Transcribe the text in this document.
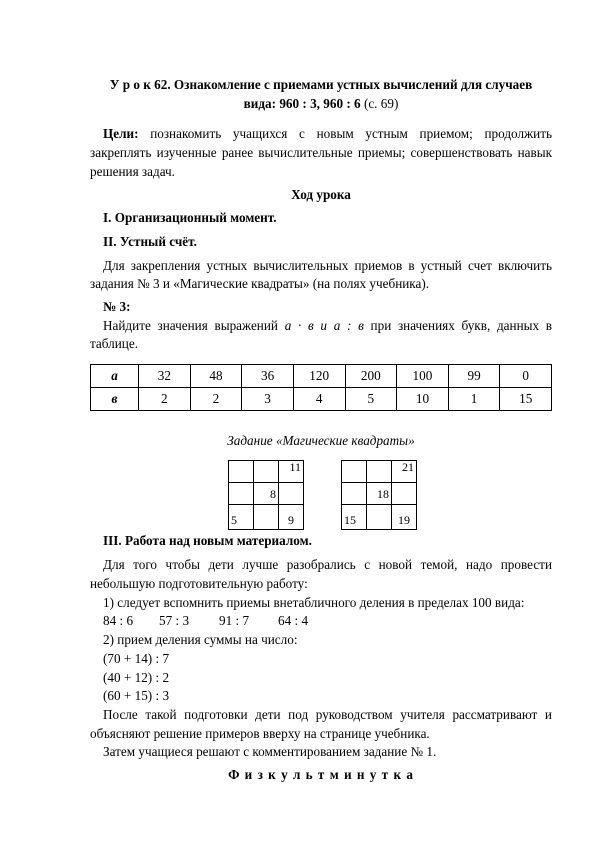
У р о к 62. Ознакомление с приемами устных вычислений для случаев
вида: 960 : 3, 960 : 6 (с. 69)
Цели: познакомить учащихся с новым устным приемом; продолжить
закреплять изученные ранее вычислительные приемы; совершенствовать навык
решения задач.
Ход урока
I. Организационный момент.
II. Устный счёт.
Для закрепления устных вычислительных приемов в устный счет включить
задания № 3 и «Магические квадраты» (на полях учебника).
№ 3:
Найдите значения выражений а · в и а : в при значениях букв, данных в
таблице.
а	32	48	36	120	200	100	99	0
в	2	2	3	4	5	10	1	15
Задание «Магические квадраты»
		11
	8	
5		9
		21
	18	
15		19
III. Работа над новым материалом.
Для того чтобы дети лучше разобрались с новой темой, надо провести
небольшую подготовительную работу:
1) следует вспомнить приемы внетабличного деления в пределах 100 вида:
84 : 6 57 : 3 91 : 7 64 : 4
2) прием деления суммы на число:
(70 + 14) : 7
(40 + 12) : 2
(60 + 15) : 3
После такой подготовки дети под руководством учителя рассматривают и
объясняют решение примеров вверху на странице учебника.
Затем учащиеся решают с комментированием задание № 1.
Ф и з к у л ь т м и н у т к а
